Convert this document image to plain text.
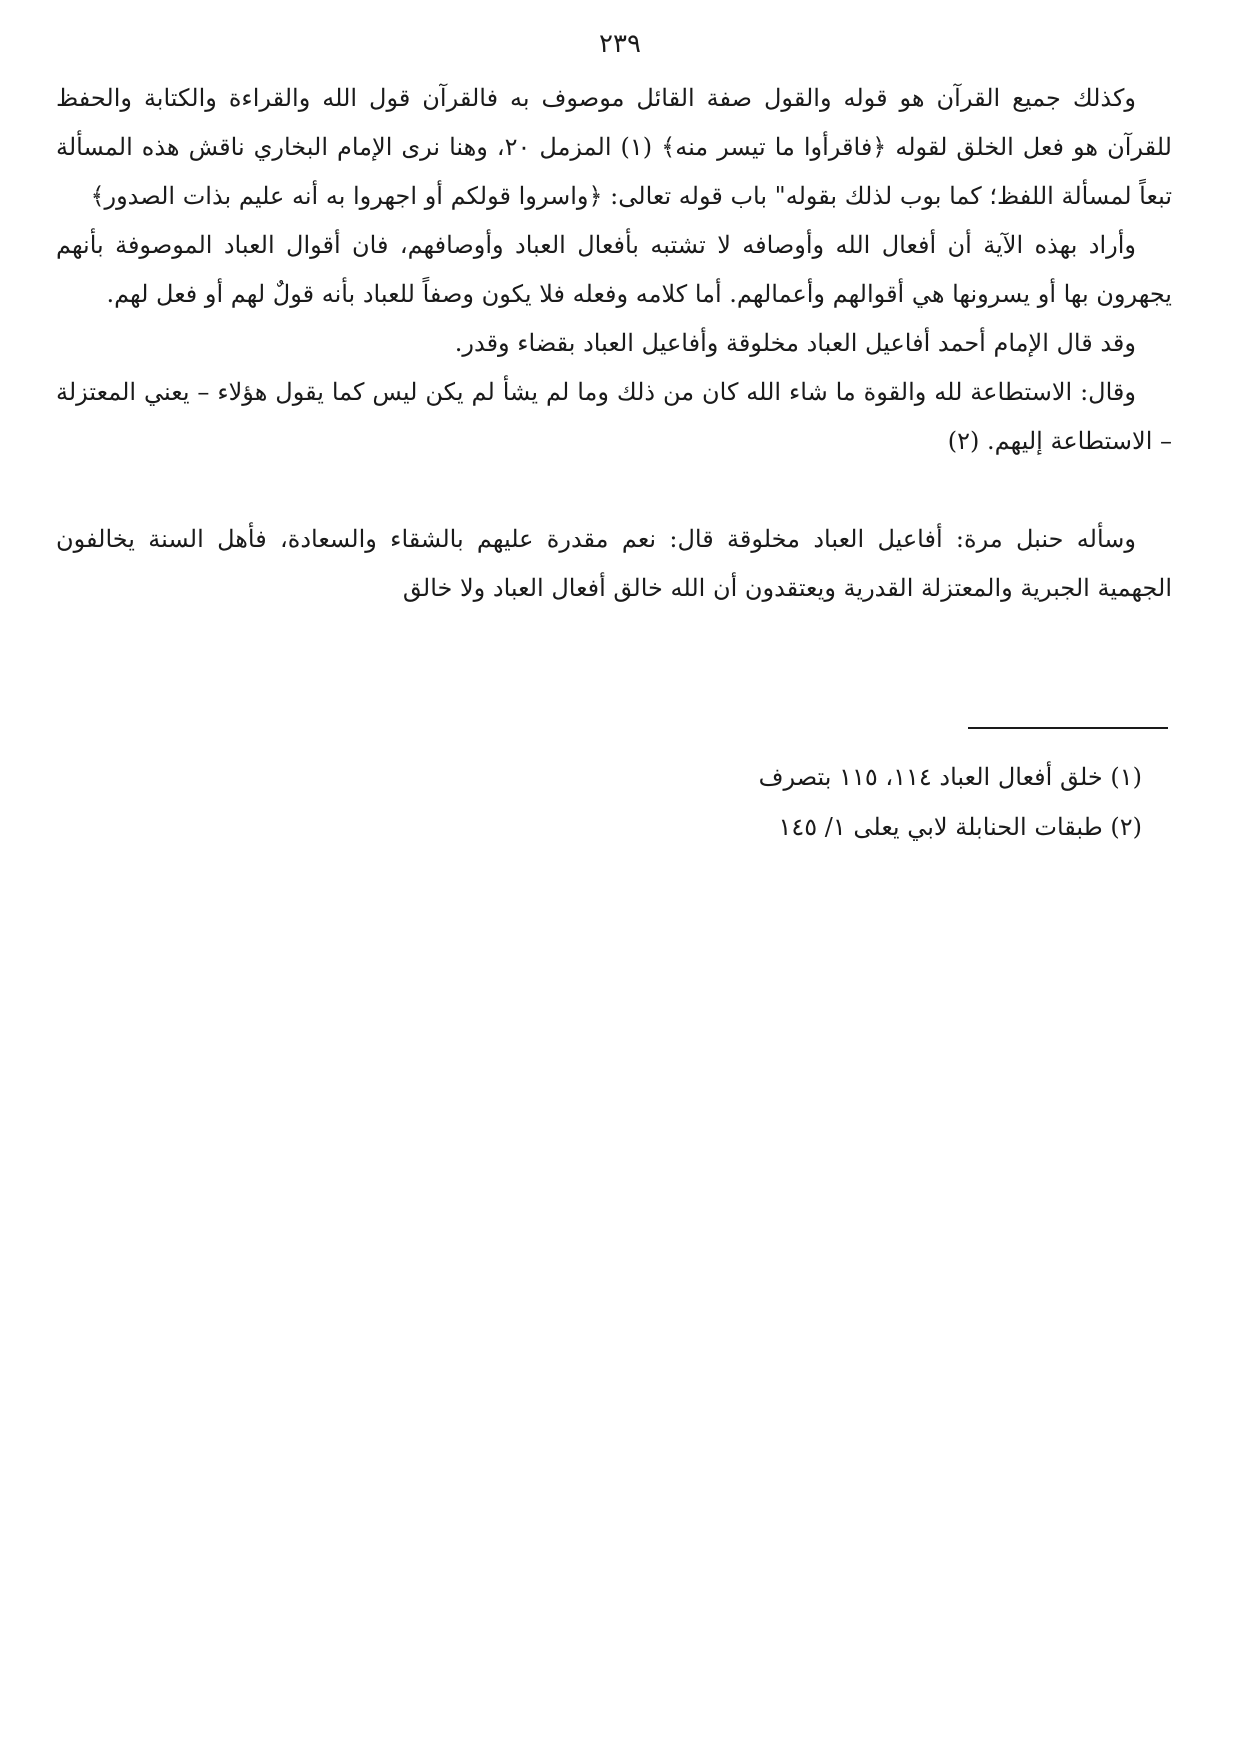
٢٣٩

وكذلك جميع القرآن هو قوله والقول صفة القائل موصوف به فالقرآن قول الله والقراءة والكتابة والحفظ للقرآن هو فعل الخلق لقوله ﴿فاقرأوا ما تيسر منه﴾ (١) المزمل ٢٠، وهنا نرى الإمام البخاري ناقش هذه المسألة تبعاً لمسألة اللفظ؛ كما بوب لذلك بقوله" باب قوله تعالى: ﴿واسروا قولكم أو اجهروا به أنه عليم بذات الصدور﴾

وأراد بهذه الآية أن أفعال الله وأوصافه لا تشتبه بأفعال العباد وأوصافهم، فان أقوال العباد الموصوفة بأنهم يجهرون بها أو يسرونها هي أقوالهم وأعمالهم. أما كلامه وفعله فلا يكون وصفاً للعباد بأنه قولٌ لهم أو فعل لهم.

وقد قال الإمام أحمد أفاعيل العباد مخلوقة وأفاعيل العباد بقضاء وقدر.

وقال: الاستطاعة لله والقوة ما شاء الله كان من ذلك وما لم يشأ لم يكن ليس كما يقول هؤلاء – يعني المعتزلة – الاستطاعة إليهم. (٢)

وسأله حنبل مرة: أفاعيل العباد مخلوقة قال: نعم مقدرة عليهم بالشقاء والسعادة، فأهل السنة يخالفون الجهمية الجبرية والمعتزلة القدرية ويعتقدون أن الله خالق أفعال العباد ولا خالق

(١) خلق أفعال العباد ١١٤، ١١٥ بتصرف

(٢) طبقات الحنابلة لابي يعلى ١/ ١٤٥
